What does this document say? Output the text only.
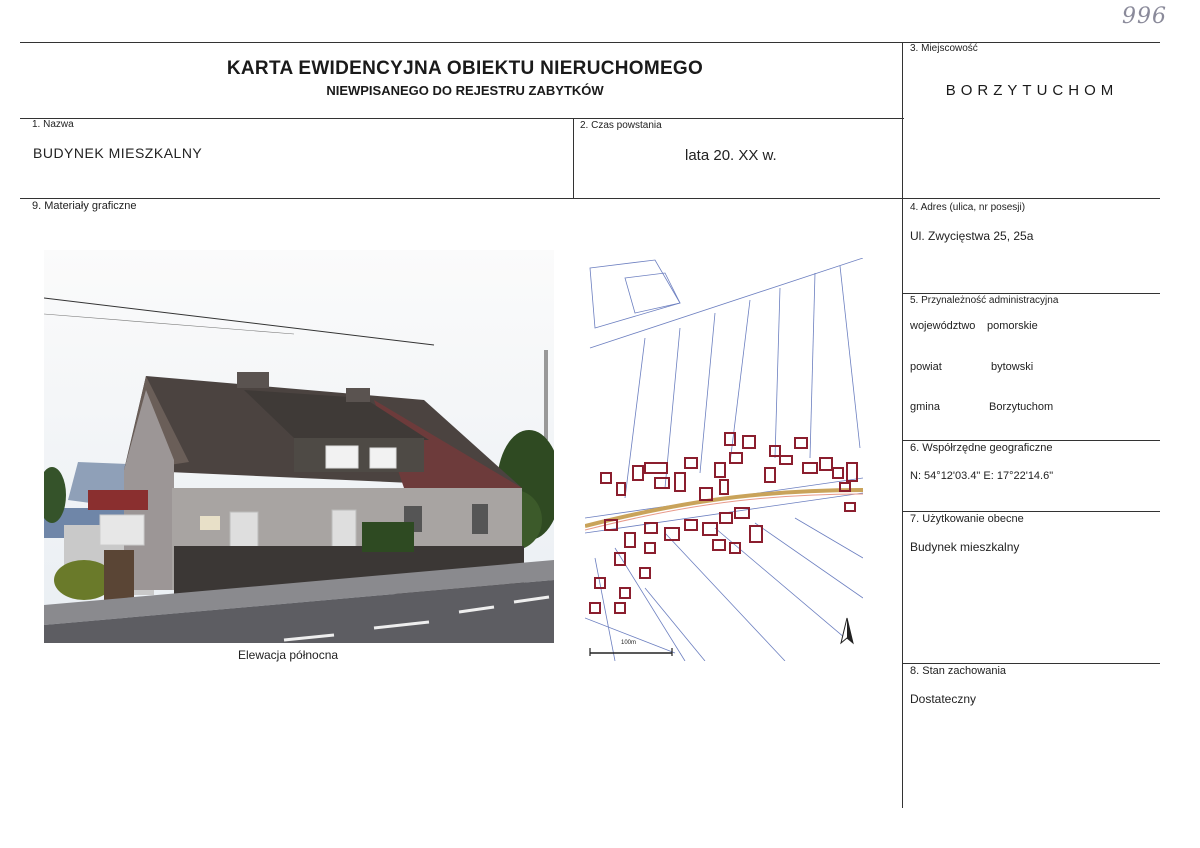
996
KARTA EWIDENCYJNA OBIEKTU NIERUCHOMEGO
NIEWPISANEGO DO REJESTRU ZABYTKÓW
1. Nazwa
BUDYNEK MIESZKALNY
2. Czas powstania
lata 20. XX w.
3. Miejscowość
BORZYTUCHOM
4. Adres (ulica, nr posesji)
Ul. Zwycięstwa 25, 25a
5. Przynależność administracyjna
województwo pomorskie
powiat	bytowski
gmina	Borzytuchom
6. Współrzędne geograficzne
N: 54°12'03.4" E: 17°22'14.6"
7. Użytkowanie obecne
Budynek mieszkalny
8. Stan zachowania
Dostateczny
9. Materiały graficzne
Elewacja północna
100m
